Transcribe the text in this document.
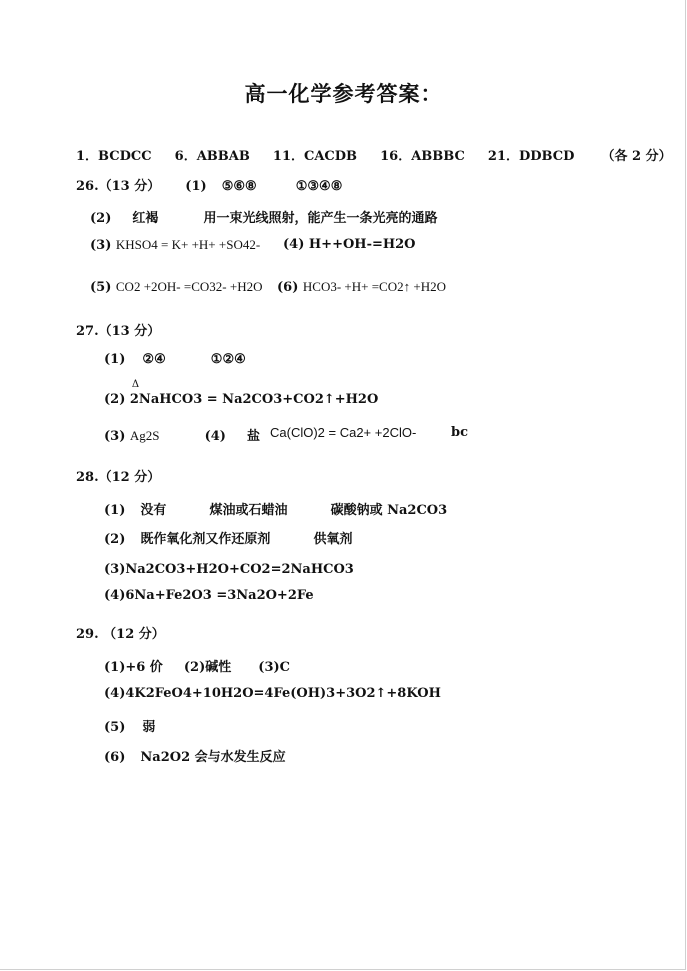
高一化学参考答案：
1．BCDCC 6．ABBAB 11．CACDB 16．ABBBC 21．DDBCD （各 2 分）
26.（13 分） (1) ⑤⑥⑧	①③④⑧
(2) 红褐	用一束光线照射，能产生一条光亮的通路
(3) KHSO4 = K+ +H+ +SO42- (4) H++OH-=H2O
(5) CO2 +2OH- =CO32- +H2O (6) HCO3- +H+ =CO2↑ +H2O
27.（13 分）
(1) ②④	①②④
(2)
Δ
2NaHCO3 = Na2CO3+CO2↑+H2O
(3) Ag2S	(4) 盐 Ca(ClO)2 = Ca2+ +2ClO-	bc
28.（12 分）
(1) 没有	煤油或石蜡油	碳酸钠或 Na2CO3
(2) 既作氧化剂又作还原剂	供氧剂
(3)Na2CO3+H2O+CO2=2NaHCO3
(4)6Na+Fe2O3 =3Na2O+2Fe
29. （12 分）
(1)+6 价 (2)碱性 (3)C
(4)4K2FeO4+10H2O=4Fe(OH)3+3O2↑+8KOH
(5) 弱
(6) Na2O2 会与水发生反应
